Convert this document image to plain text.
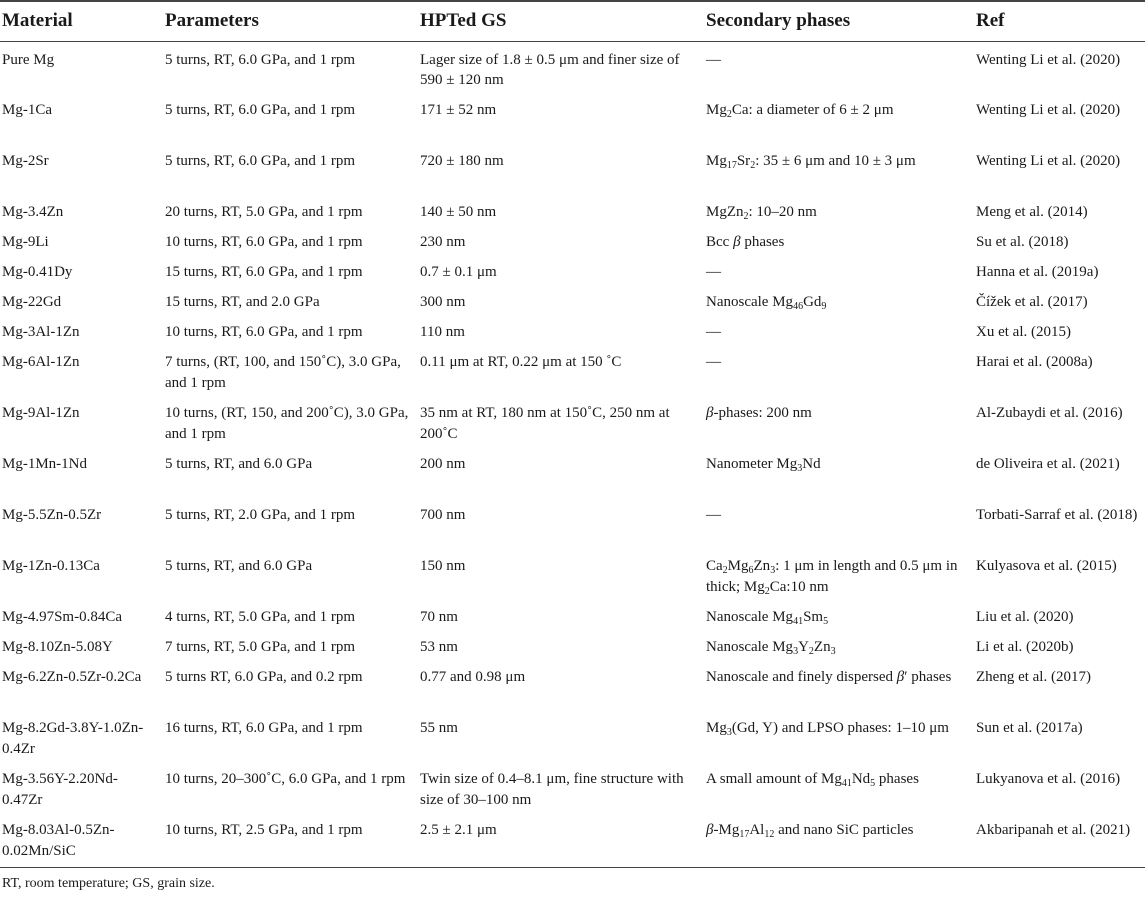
Material	Parameters	HPTed GS	Secondary phases	Ref
Pure Mg	5 turns, RT, 6.0 GPa, and 1 rpm	Lager size of 1.8 ± 0.5 μm and finer size of 590 ± 120 nm	—	Wenting Li et al. (2020)
Mg-1Ca	5 turns, RT, 6.0 GPa, and 1 rpm	171 ± 52 nm	$Mg_2Ca$: a diameter of 6 ± 2 μm	Wenting Li et al. (2020)
Mg-2Sr	5 turns, RT, 6.0 GPa, and 1 rpm	720 ± 180 nm	$Mg_{17}Sr_2$: 35 ± 6 μm and 10 ± 3 μm	Wenting Li et al. (2020)
Mg-3.4Zn	20 turns, RT, 5.0 GPa, and 1 rpm	140 ± 50 nm	MgZn$_2$: 10–20 nm	Meng et al. (2014)
Mg-9Li	10 turns, RT, 6.0 GPa, and 1 rpm	230 nm	Bcc β phases	Su et al. (2018)
Mg-0.41Dy	15 turns, RT, 6.0 GPa, and 1 rpm	0.7 ± 0.1 μm	—	Hanna et al. (2019a)
Mg-22Gd	15 turns, RT, and 2.0 GPa	300 nm	Nanoscale $Mg_{46}Gd_9$	Čížek et al. (2017)
Mg-3Al-1Zn	10 turns, RT, 6.0 GPa, and 1 rpm	110 nm	—	Xu et al. (2015)
Mg-6Al-1Zn	7 turns, (RT, 100, and 150˚C), 3.0 GPa, and 1 rpm	0.11 μm at RT, 0.22 μm at 150 ˚C	—	Harai et al. (2008a)
Mg-9Al-1Zn	10 turns, (RT, 150, and 200˚C), 3.0 GPa, and 1 rpm	35 nm at RT, 180 nm at 150˚C, 250 nm at 200˚C	β-phases: 200 nm	Al-Zubaydi et al. (2016)
Mg-1Mn-1Nd	5 turns, RT, and 6.0 GPa	200 nm	Nanometer $Mg_3Nd$	de Oliveira et al. (2021)
Mg-5.5Zn-0.5Zr	5 turns, RT, 2.0 GPa, and 1 rpm	700 nm	—	Torbati-Sarraf et al. (2018)
Mg-1Zn-0.13Ca	5 turns, RT, and 6.0 GPa	150 nm	$Ca_2Mg_6Zn_3$: 1 μm in length and 0.5 μm in thick; $Mg_2Ca:10$ nm	Kulyasova et al. (2015)
Mg-4.97Sm-0.84Ca	4 turns, RT, 5.0 GPa, and 1 rpm	70 nm	Nanoscale $Mg_{41}Sm_5$	Liu et al. (2020)
Mg-8.10Zn-5.08Y	7 turns, RT, 5.0 GPa, and 1 rpm	53 nm	Nanoscale $Mg_3Y_2Zn_3$	Li et al. (2020b)
Mg-6.2Zn-0.5Zr-0.2Ca	5 turns RT, 6.0 GPa, and 0.2 rpm	0.77 and 0.98 μm	Nanoscale and finely dispersed β′ phases	Zheng et al. (2017)
Mg-8.2Gd-3.8Y-1.0Zn-0.4Zr	16 turns, RT, 6.0 GPa, and 1 rpm	55 nm	$Mg_3(Gd$, Y) and LPSO phases: 1–10 μm	Sun et al. (2017a)
Mg-3.56Y-2.20Nd-0.47Zr	10 turns, 20–300˚C, 6.0 GPa, and 1 rpm	Twin size of 0.4–8.1 μm, fine structure with size of 30–100 nm	A small amount of $Mg_{41}Nd_5$ phases	Lukyanova et al. (2016)
Mg-8.03Al-0.5Zn-0.02Mn/SiC	10 turns, RT, 2.5 GPa, and 1 rpm	2.5 ± 2.1 μm	$\beta-Mg_{17}Al_{12}$ and nano SiC particles	Akbaripanah et al. (2021)
RT, room temperature; GS, grain size.
